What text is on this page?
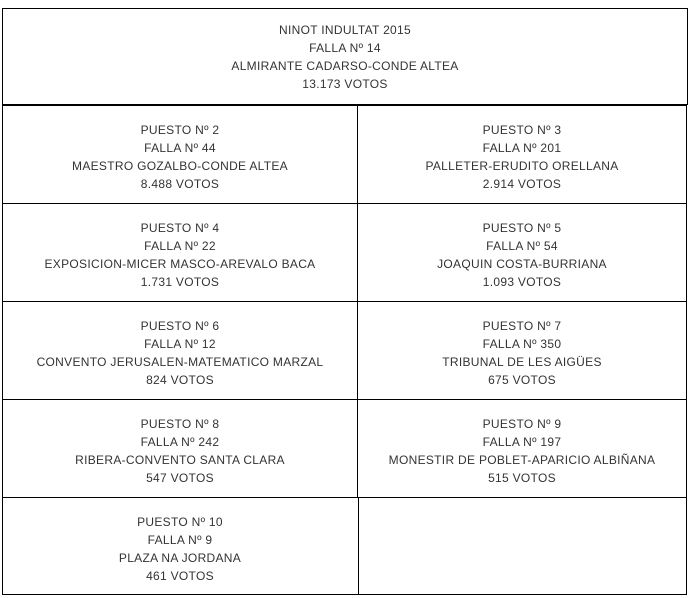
NINOT INDULTAT 2015
FALLA Nº 14
ALMIRANTE CADARSO-CONDE ALTEA
13.173 VOTOS
PUESTO Nº 2
FALLA Nº 44
MAESTRO GOZALBO-CONDE ALTEA
8.488 VOTOS
PUESTO Nº 3
FALLA Nº 201
PALLETER-ERUDITO ORELLANA
2.914 VOTOS
PUESTO Nº 4
FALLA Nº 22
EXPOSICION-MICER MASCO-AREVALO BACA
1.731 VOTOS
PUESTO Nº 5
FALLA Nº 54
JOAQUIN COSTA-BURRIANA
1.093 VOTOS
PUESTO Nº 6
FALLA Nº 12
CONVENTO JERUSALEN-MATEMATICO MARZAL
824 VOTOS
PUESTO Nº 7
FALLA Nº 350
TRIBUNAL DE LES AIGÜES
675 VOTOS
PUESTO Nº 8
FALLA Nº 242
RIBERA-CONVENTO SANTA CLARA
547 VOTOS
PUESTO Nº 9
FALLA Nº 197
MONESTIR DE POBLET-APARICIO ALBIÑANA
515 VOTOS
PUESTO Nº 10
FALLA Nº 9
PLAZA NA JORDANA
461 VOTOS
